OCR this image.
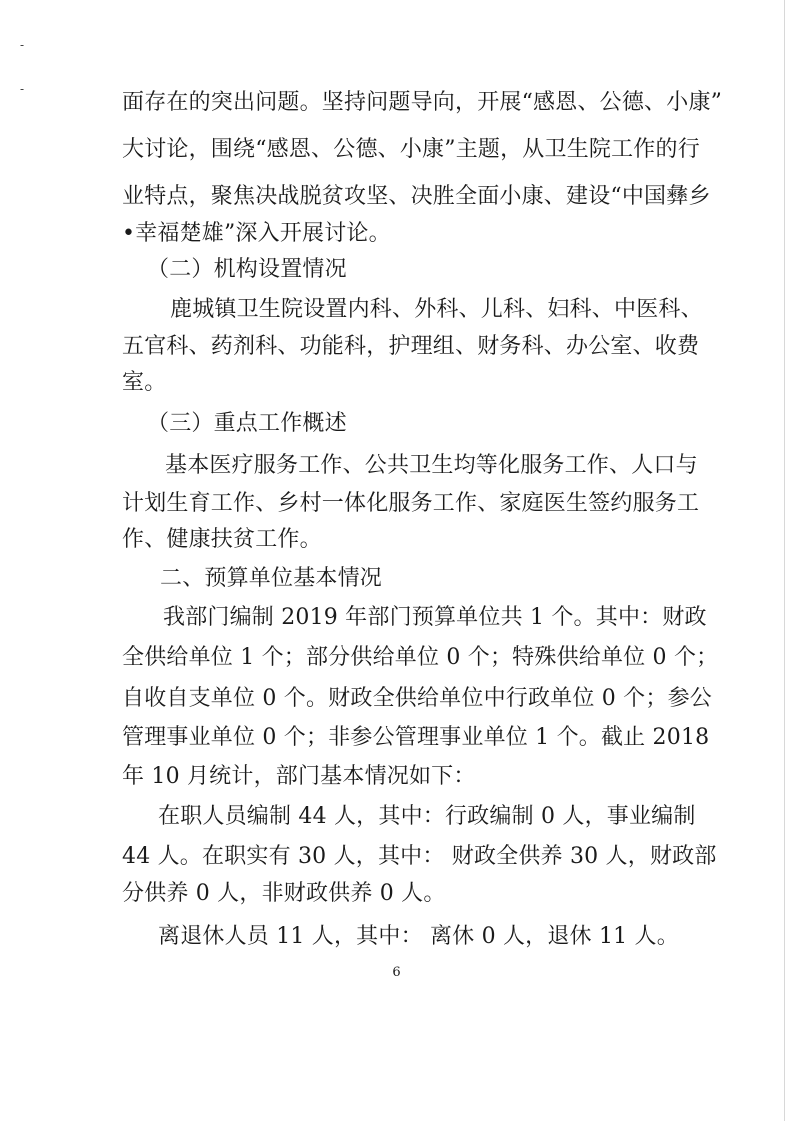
-
-
面存在的突出问题。坚持问题导向，开展“感恩、公德、小康”
大讨论，围绕“感恩、公德、小康”主题，从卫生院工作的行
业特点，聚焦决战脱贫攻坚、决胜全面小康、建设“中国彝乡
•幸福楚雄”深入开展讨论。
（二）机构设置情况
鹿城镇卫生院设置内科、外科、儿科、妇科、中医科、
五官科、药剂科、功能科，护理组、财务科、办公室、收费
室。
（三）重点工作概述
基本医疗服务工作、公共卫生均等化服务工作、人口与
计划生育工作、乡村一体化服务工作、家庭医生签约服务工
作、健康扶贫工作。
二、预算单位基本情况
我部门编制 2019 年部门预算单位共 1 个。其中：财政
全供给单位 1 个；部分供给单位 0 个；特殊供给单位 0 个；
自收自支单位 0 个。财政全供给单位中行政单位 0 个；参公
管理事业单位 0 个；非参公管理事业单位 1 个。截止 2018
年 10 月统计，部门基本情况如下：
在职人员编制 44 人，其中：行政编制 0 人，事业编制
44 人。在职实有 30 人，其中： 财政全供养 30 人，财政部
分供养 0 人，非财政供养 0 人。
离退休人员 11 人，其中： 离休 0 人，退休 11 人。
6
